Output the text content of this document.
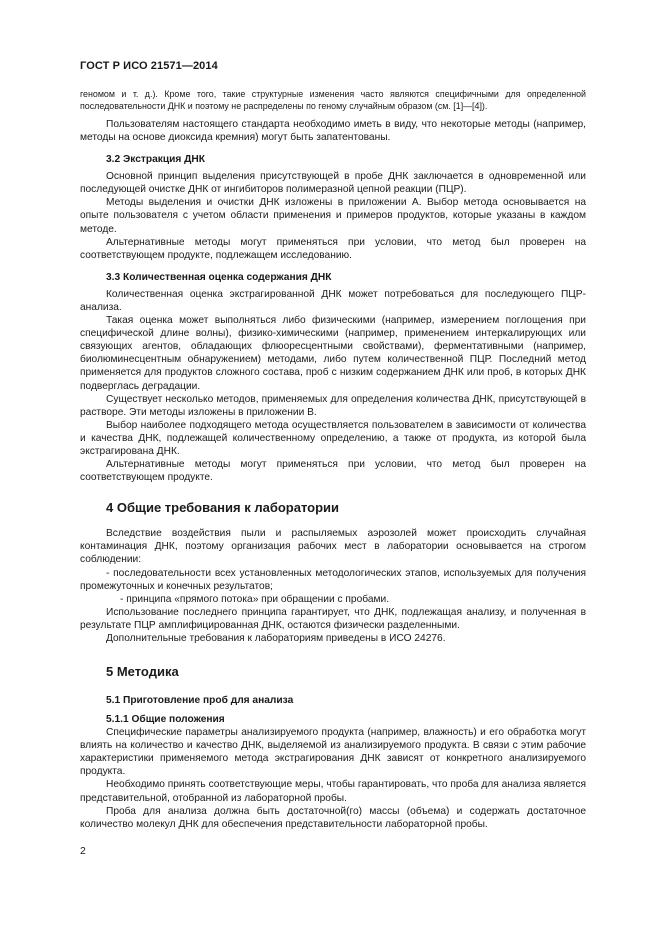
ГОСТ Р ИСО 21571—2014

геномом и т. д.). Кроме того, такие структурные изменения часто являются специфичными для определенной последовательности ДНК и поэтому не распределены по геному случайным образом (см. [1]—[4]).

Пользователям настоящего стандарта необходимо иметь в виду, что некоторые методы (например, методы на основе диоксида кремния) могут быть запатентованы.

3.2 Экстракция ДНК

Основной принцип выделения присутствующей в пробе ДНК заключается в одновременной или последующей очистке ДНК от ингибиторов полимеразной цепной реакции (ПЦР).

Методы выделения и очистки ДНК изложены в приложении А. Выбор метода основывается на опыте пользователя с учетом области применения и примеров продуктов, которые указаны в каждом методе.

Альтернативные методы могут применяться при условии, что метод был проверен на соответствующем продукте, подлежащем исследованию.

3.3 Количественная оценка содержания ДНК

Количественная оценка экстрагированной ДНК может потребоваться для последующего ПЦР-анализа.

Такая оценка может выполняться либо физическими (например, измерением поглощения при специфической длине волны), физико-химическими (например, применением интеркалирующих или связующих агентов, обладающих флюоресцентными свойствами), ферментативными (например, биолюминесцентным обнаружением) методами, либо путем количественной ПЦР. Последний метод применяется для продуктов сложного состава, проб с низким содержанием ДНК или проб, в которых ДНК подверглась деградации.

Существует несколько методов, применяемых для определения количества ДНК, присутствующей в растворе. Эти методы изложены в приложении В.

Выбор наиболее подходящего метода осуществляется пользователем в зависимости от количества и качества ДНК, подлежащей количественному определению, а также от продукта, из которой была экстрагирована ДНК.

Альтернативные методы могут применяться при условии, что метод был проверен на соответствующем продукте.

4 Общие требования к лаборатории

Вследствие воздействия пыли и распыляемых аэрозолей может происходить случайная контаминация ДНК, поэтому организация рабочих мест в лаборатории основывается на строгом соблюдении:

- последовательности всех установленных методологических этапов, используемых для получения промежуточных и конечных результатов;

- принципа «прямого потока» при обращении с пробами.

Использование последнего принципа гарантирует, что ДНК, подлежащая анализу, и полученная в результате ПЦР амплифицированная ДНК, остаются физически разделенными.

Дополнительные требования к лабораториям приведены в ИСО 24276.

5 Методика
5.1 Приготовление проб для анализа
5.1.1 Общие положения

Специфические параметры анализируемого продукта (например, влажность) и его обработка могут влиять на количество и качество ДНК, выделяемой из анализируемого продукта. В связи с этим рабочие характеристики применяемого метода экстрагирования ДНК зависят от конкретного анализируемого продукта.

Необходимо принять соответствующие меры, чтобы гарантировать, что проба для анализа является представительной, отобранной из лабораторной пробы.

Проба для анализа должна быть достаточной(го) массы (объема) и содержать достаточное количество молекул ДНК для обеспечения представительности лабораторной пробы.

2
